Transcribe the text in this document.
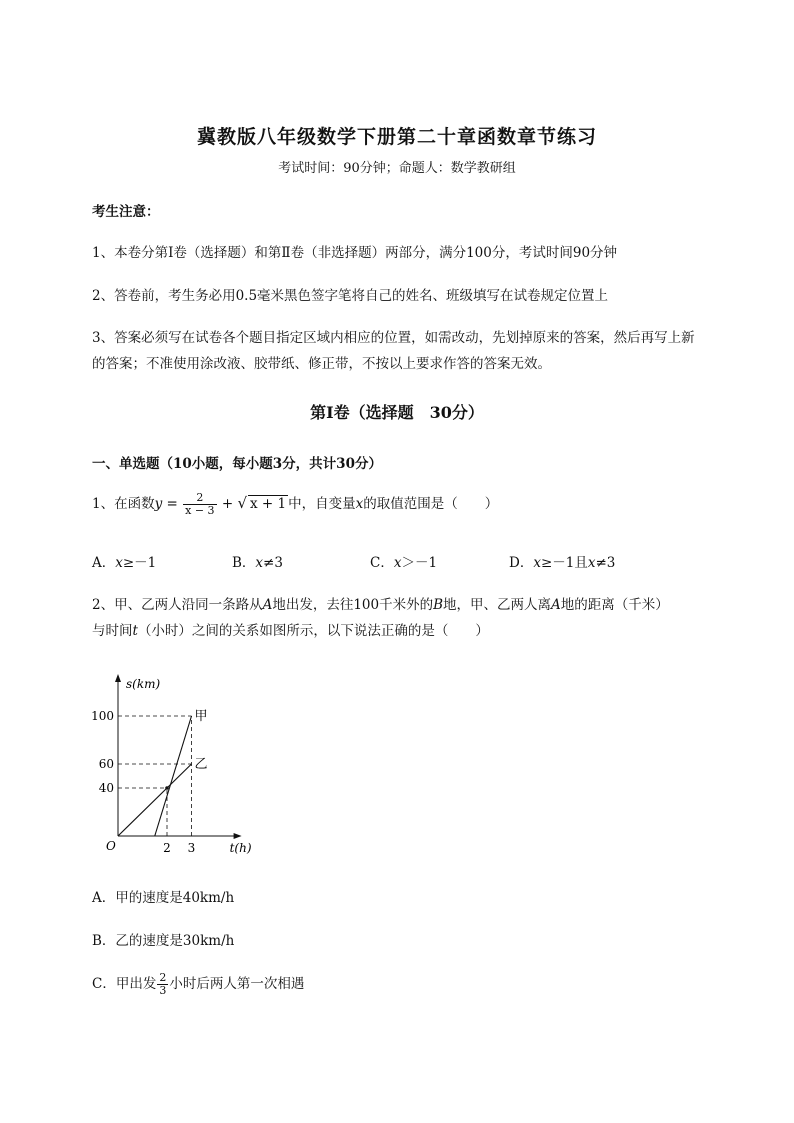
冀教版八年级数学下册第二十章函数章节练习
考试时间：90分钟；命题人：数学教研组
考生注意：
1、本卷分第Ⅰ卷（选择题）和第Ⅱ卷（非选择题）两部分，满分100分，考试时间90分钟
2、答卷前，考生务必用0.5毫米黑色签字笔将自己的姓名、班级填写在试卷规定位置上
3、答案必须写在试卷各个题目指定区域内相应的位置，如需改动，先划掉原来的答案，然后再写上新
的答案；不准使用涂改液、胶带纸、修正带，不按以上要求作答的答案无效。
第Ⅰ卷（选择题　30分）
一、单选题（10小题，每小题3分，共计30分）
1、在函数$y = \frac{2}{x - 3}$ + √ x + 1 中，自变量x的取值范围是（　　）
A．x≥－1	B．x≠3	C．x＞－1	D．x≥－1且x≠3
2、甲、乙两人沿同一条路从A地出发，去往100千米外的B地，甲、乙两人离A地的距离（千米）
与时间t（小时）之间的关系如图所示，以下说法正确的是（　　）
s(km)
t(h)
O
40
60
100
2 3
甲
乙
A．甲的速度是40km/h
B．乙的速度是30km/h
C．甲出发 $\frac{2}{3}$ 小时后两人第一次相遇
